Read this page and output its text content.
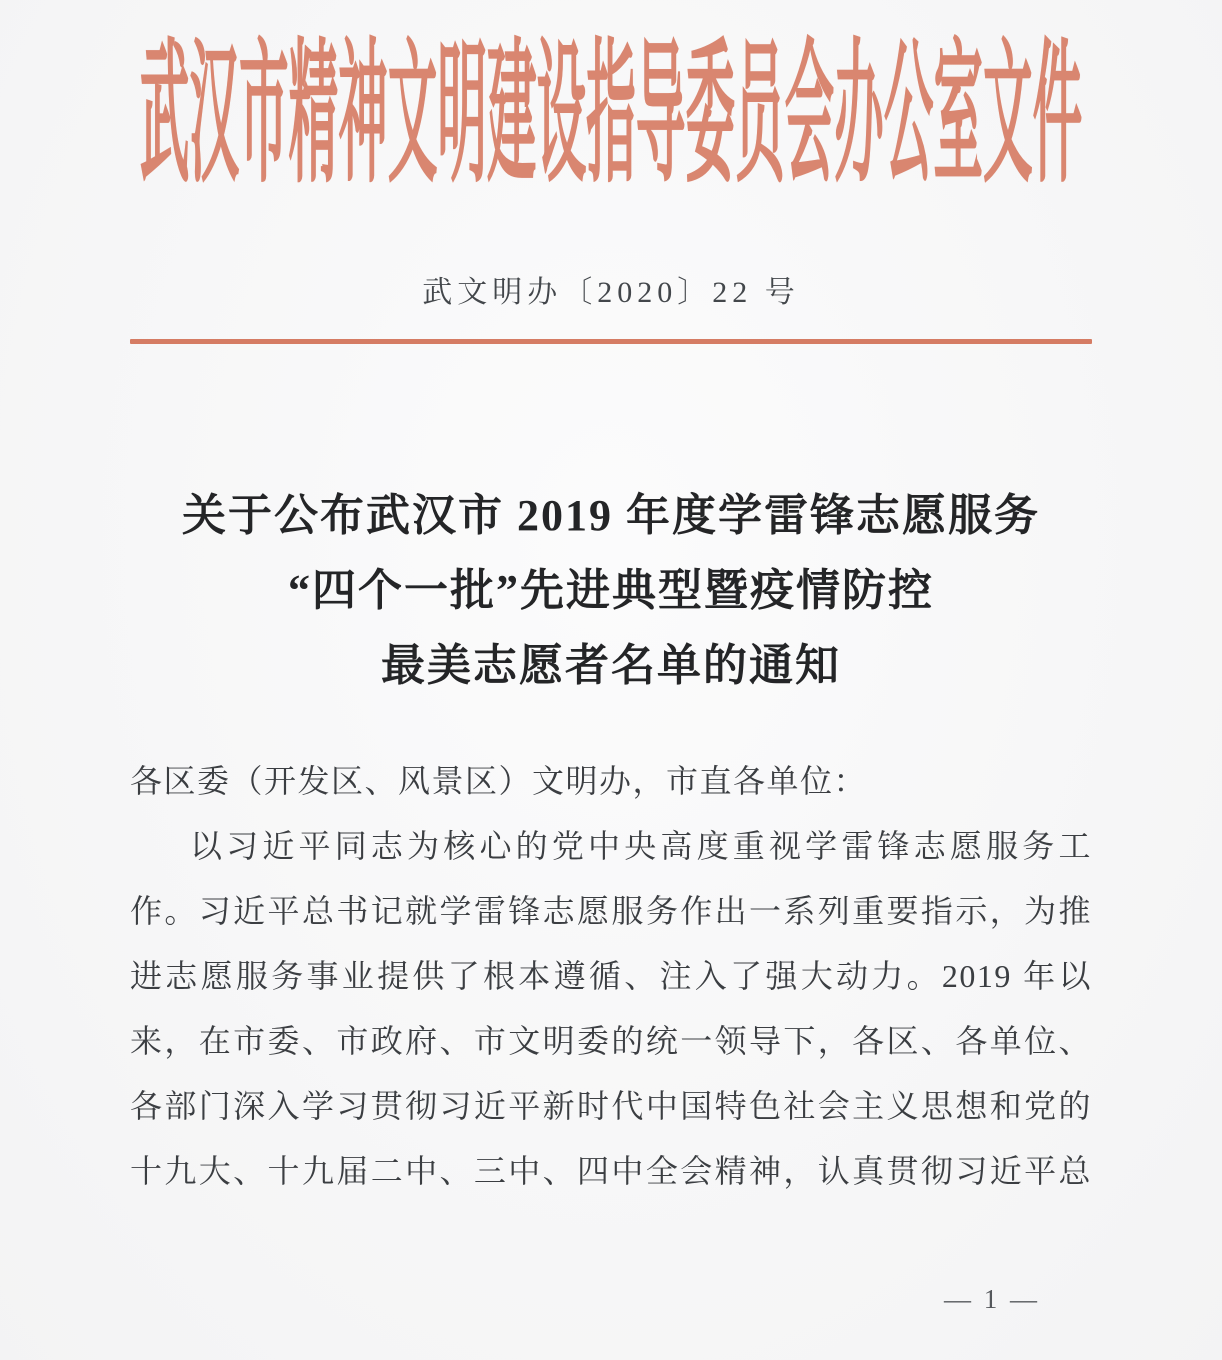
武汉市精神文明建设指导委员会办公室文件
武文明办〔2020〕22 号
关于公布武汉市 2019 年度学雷锋志愿服务
“四个一批”先进典型暨疫情防控
最美志愿者名单的通知
各区委（开发区、风景区）文明办，市直各单位：
以习近平同志为核心的党中央高度重视学雷锋志愿服务工
作。习近平总书记就学雷锋志愿服务作出一系列重要指示，为推
进志愿服务事业提供了根本遵循、注入了强大动力。2019 年以
来，在市委、市政府、市文明委的统一领导下，各区、各单位、
各部门深入学习贯彻习近平新时代中国特色社会主义思想和党的
十九大、十九届二中、三中、四中全会精神，认真贯彻习近平总
— 1 —
